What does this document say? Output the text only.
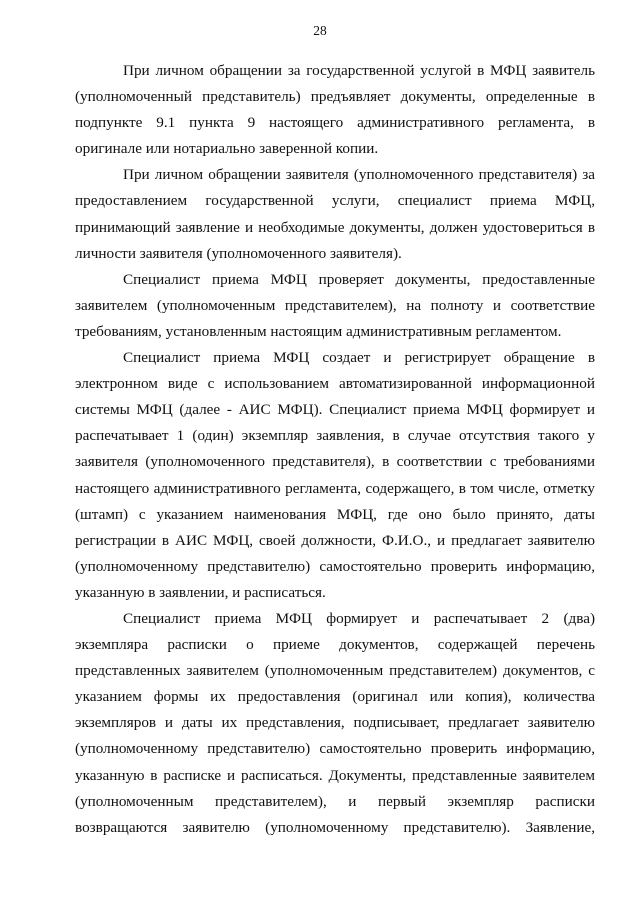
28

При личном обращении за государственной услугой в МФЦ заявитель (уполномоченный представитель) предъявляет документы, определенные в подпункте 9.1 пункта 9 настоящего административного регламента, в оригинале или нотариально заверенной копии.

При личном обращении заявителя (уполномоченного представителя) за предоставлением государственной услуги, специалист приема МФЦ, принимающий заявление и необходимые документы, должен удостовериться в личности заявителя (уполномоченного заявителя).

Специалист приема МФЦ проверяет документы, предоставленные заявителем (уполномоченным представителем), на полноту и соответствие требованиям, установленным настоящим административным регламентом.

Специалист приема МФЦ создает и регистрирует обращение в электронном виде с использованием автоматизированной информационной системы МФЦ (далее - АИС МФЦ). Специалист приема МФЦ формирует и распечатывает 1 (один) экземпляр заявления, в случае отсутствия такого у заявителя (уполномоченного представителя), в соответствии с требованиями настоящего административного регламента, содержащего, в том числе, отметку (штамп) с указанием наименования МФЦ, где оно было принято, даты регистрации в АИС МФЦ, своей должности, Ф.И.О., и предлагает заявителю (уполномоченному представителю) самостоятельно проверить информацию, указанную в заявлении, и расписаться.

Специалист приема МФЦ формирует и распечатывает 2 (два) экземпляра расписки о приеме документов, содержащей перечень представленных заявителем (уполномоченным представителем) документов, с указанием формы их предоставления (оригинал или копия), количества экземпляров и даты их представления, подписывает, предлагает заявителю (уполномоченному представителю) самостоятельно проверить информацию, указанную в расписке и расписаться. Документы, представленные заявителем (уполномоченным представителем), и первый экземпляр расписки возвращаются заявителю (уполномоченному представителю). Заявление,
